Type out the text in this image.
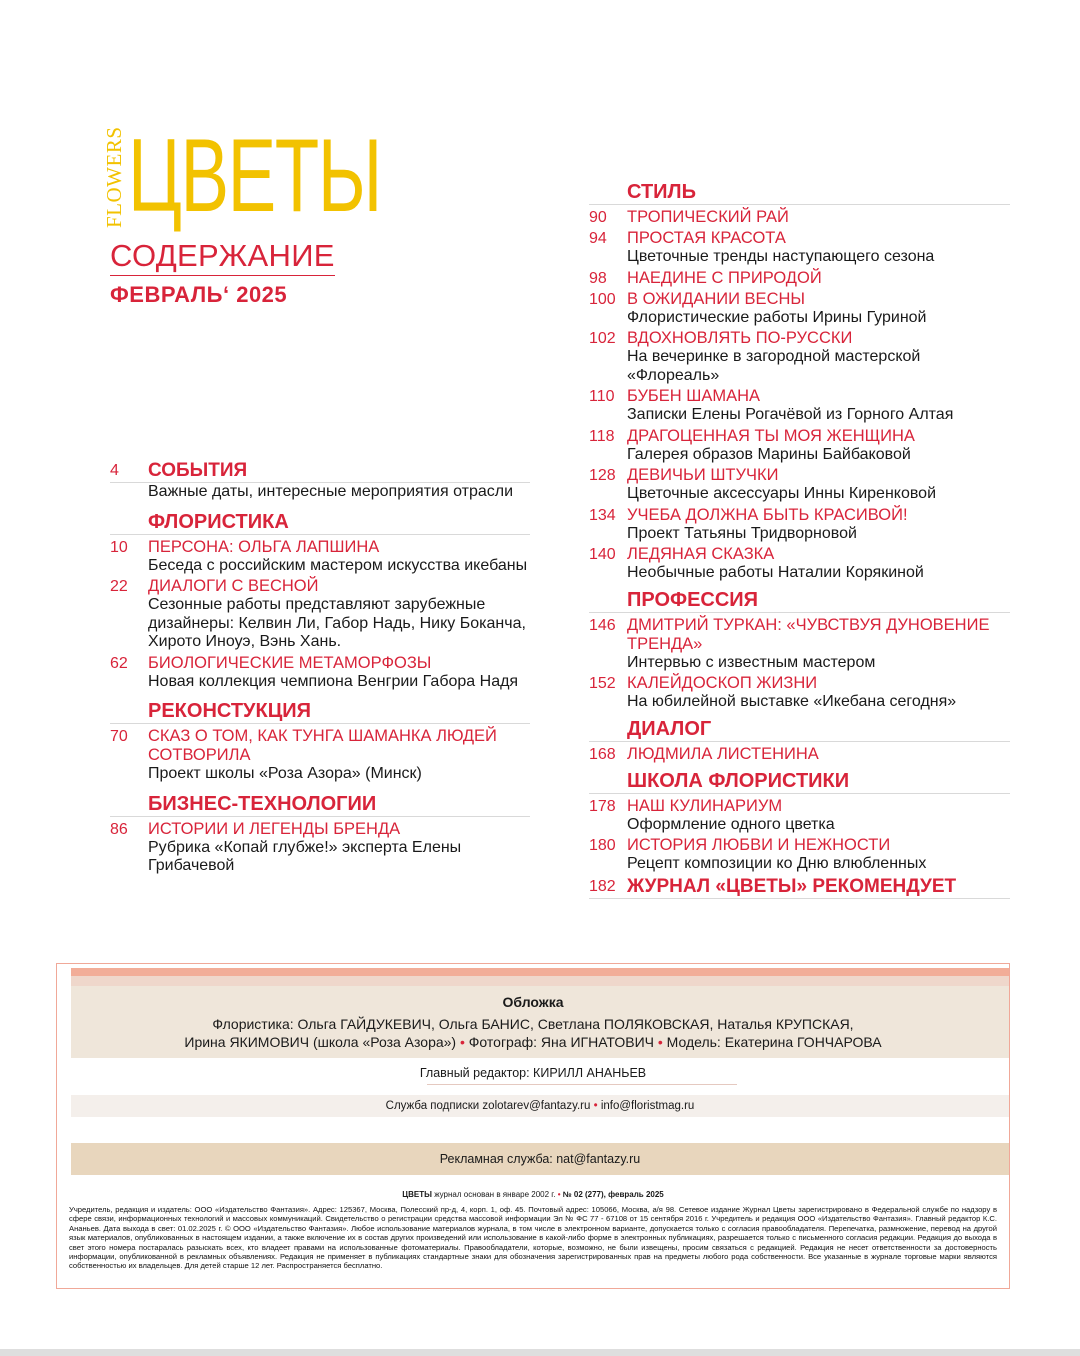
FLOWERS ЦВЕТЫ
СОДЕРЖАНИЕ
ФЕВРАЛЬ‘ 2025
4	СОБЫТИЯ
Важные даты, интересные мероприятия отрасли
ФЛОРИСТИКА
10	ПЕРСОНА: ОЛЬГА ЛАПШИНА
Беседа с российским мастером искусства икебаны
22	ДИАЛОГИ С ВЕСНОЙ
Сезонные работы представляют зарубежные дизайнеры: Келвин Ли, Габор Надь, Нику Боканча, Хирото Иноуэ, Вэнь Хань.
62	БИОЛОГИЧЕСКИЕ МЕТАМОРФОЗЫ
Новая коллекция чемпиона Венгрии Габора Надя
РЕКОНСТУКЦИЯ
70	СКАЗ О ТОМ, КАК ТУНГА ШАМАНКА ЛЮДЕЙ СОТВОРИЛА
Проект школы «Роза Азора» (Минск)
БИЗНЕС-ТЕХНОЛОГИИ
86	ИСТОРИИ И ЛЕГЕНДЫ БРЕНДА
Рубрика «Копай глубже!» эксперта Елены Грибачевой
СТИЛЬ
90	ТРОПИЧЕСКИЙ РАЙ
94	ПРОСТАЯ КРАСОТА
Цветочные тренды наступающего сезона
98	НАЕДИНЕ С ПРИРОДОЙ
100 В ОЖИДАНИИ ВЕСНЫ
Флористические работы Ирины Гуриной
102 ВДОХНОВЛЯТЬ ПО-РУССКИ
На вечеринке в загородной мастерской «Флореаль»
110 БУБЕН ШАМАНА
Записки Елены Рогачёвой из Горного Алтая
118 ДРАГОЦЕННАЯ ТЫ МОЯ ЖЕНЩИНА
Галерея образов Марины Байбаковой
128 ДЕВИЧЬИ ШТУЧКИ
Цветочные аксессуары Инны Киренковой
134 УЧЕБА ДОЛЖНА БЫТЬ КРАСИВОЙ!
Проект Татьяны Тридворновой
140 ЛЕДЯНАЯ СКАЗКА
Необычные работы Наталии Корякиной
ПРОФЕССИЯ
146 ДМИТРИЙ ТУРКАН: «ЧУВСТВУЯ ДУНОВЕНИЕ ТРЕНДА»
Интервью с известным мастером
152 КАЛЕЙДОСКОП ЖИЗНИ
На юбилейной выставке «Икебана сегодня»
ДИАЛОГ
168 ЛЮДМИЛА ЛИСТЕНИНА
ШКОЛА ФЛОРИСТИКИ
178 НАШ КУЛИНАРИУМ
Оформление одного цветка
180 ИСТОРИЯ ЛЮБВИ И НЕЖНОСТИ
Рецепт композиции ко Дню влюбленных
182 ЖУРНАЛ «ЦВЕТЫ» РЕКОМЕНДУЕТ
Обложка
Флористика: Ольга ГАЙДУКЕВИЧ, Ольга БАНИС, Светлана ПОЛЯКОВСКАЯ, Наталья КРУПСКАЯ,
Ирина ЯКИМОВИЧ (школа «Роза Азора») • Фотограф: Яна ИГНАТОВИЧ • Модель: Екатерина ГОНЧАРОВА
Главный редактор: КИРИЛЛ АНАНЬЕВ
Служба подписки zolotarev@fantazy.ru • info@floristmag.ru
Рекламная служба: nat@fantazy.ru
ЦВЕТЫ журнал основан в январе 2002 г. • № 02 (277), февраль 2025
Учредитель, редакция и издатель: ООО «Издательство Фантазия». Адрес: 125367, Москва, Полесский пр-д, 4, корп. 1, оф. 45. Почтовый адрес: 105066, Москва, а/я 98. Сетевое издание Журнал Цветы зарегистрировано в Федеральной службе по надзору в сфере связи, информационных технологий и массовых коммуникаций. Свидетельство о регистрации средства массовой информации Эл № ФС 77 - 67108 от 15 сентября 2016 г. Учредитель и редакция ООО «Издательство Фантазия». Главный редактор К.С. Ананьев. Дата выхода в свет: 01.02.2025 г. © ООО «Издательство Фантазия». Любое использование материалов журнала, в том числе в электронном варианте, допускается только с согласия правообладателя. Перепечатка, размножение, перевод на другой язык материалов, опубликованных в настоящем издании, а также включение их в состав других произведений или использование в какой-либо форме в электронных публикациях, разрешается только с письменного согласия редакции. Редакция до выхода в свет этого номера постаралась разыскать всех, кто владеет правами на использованные фотоматериалы. Правообладатели, которые, возможно, не были извещены, просим связаться с редакцией. Редакция не несет ответственности за достоверность информации, опубликованной в рекламных объявлениях. Редакция не применяет в публикациях стандартные знаки для обозначения зарегистрированных прав на предметы любого рода собственности. Все указанные в журнале торговые марки являются собственностью их владельцев. Для детей старше 12 лет. Распространяется бесплатно.
